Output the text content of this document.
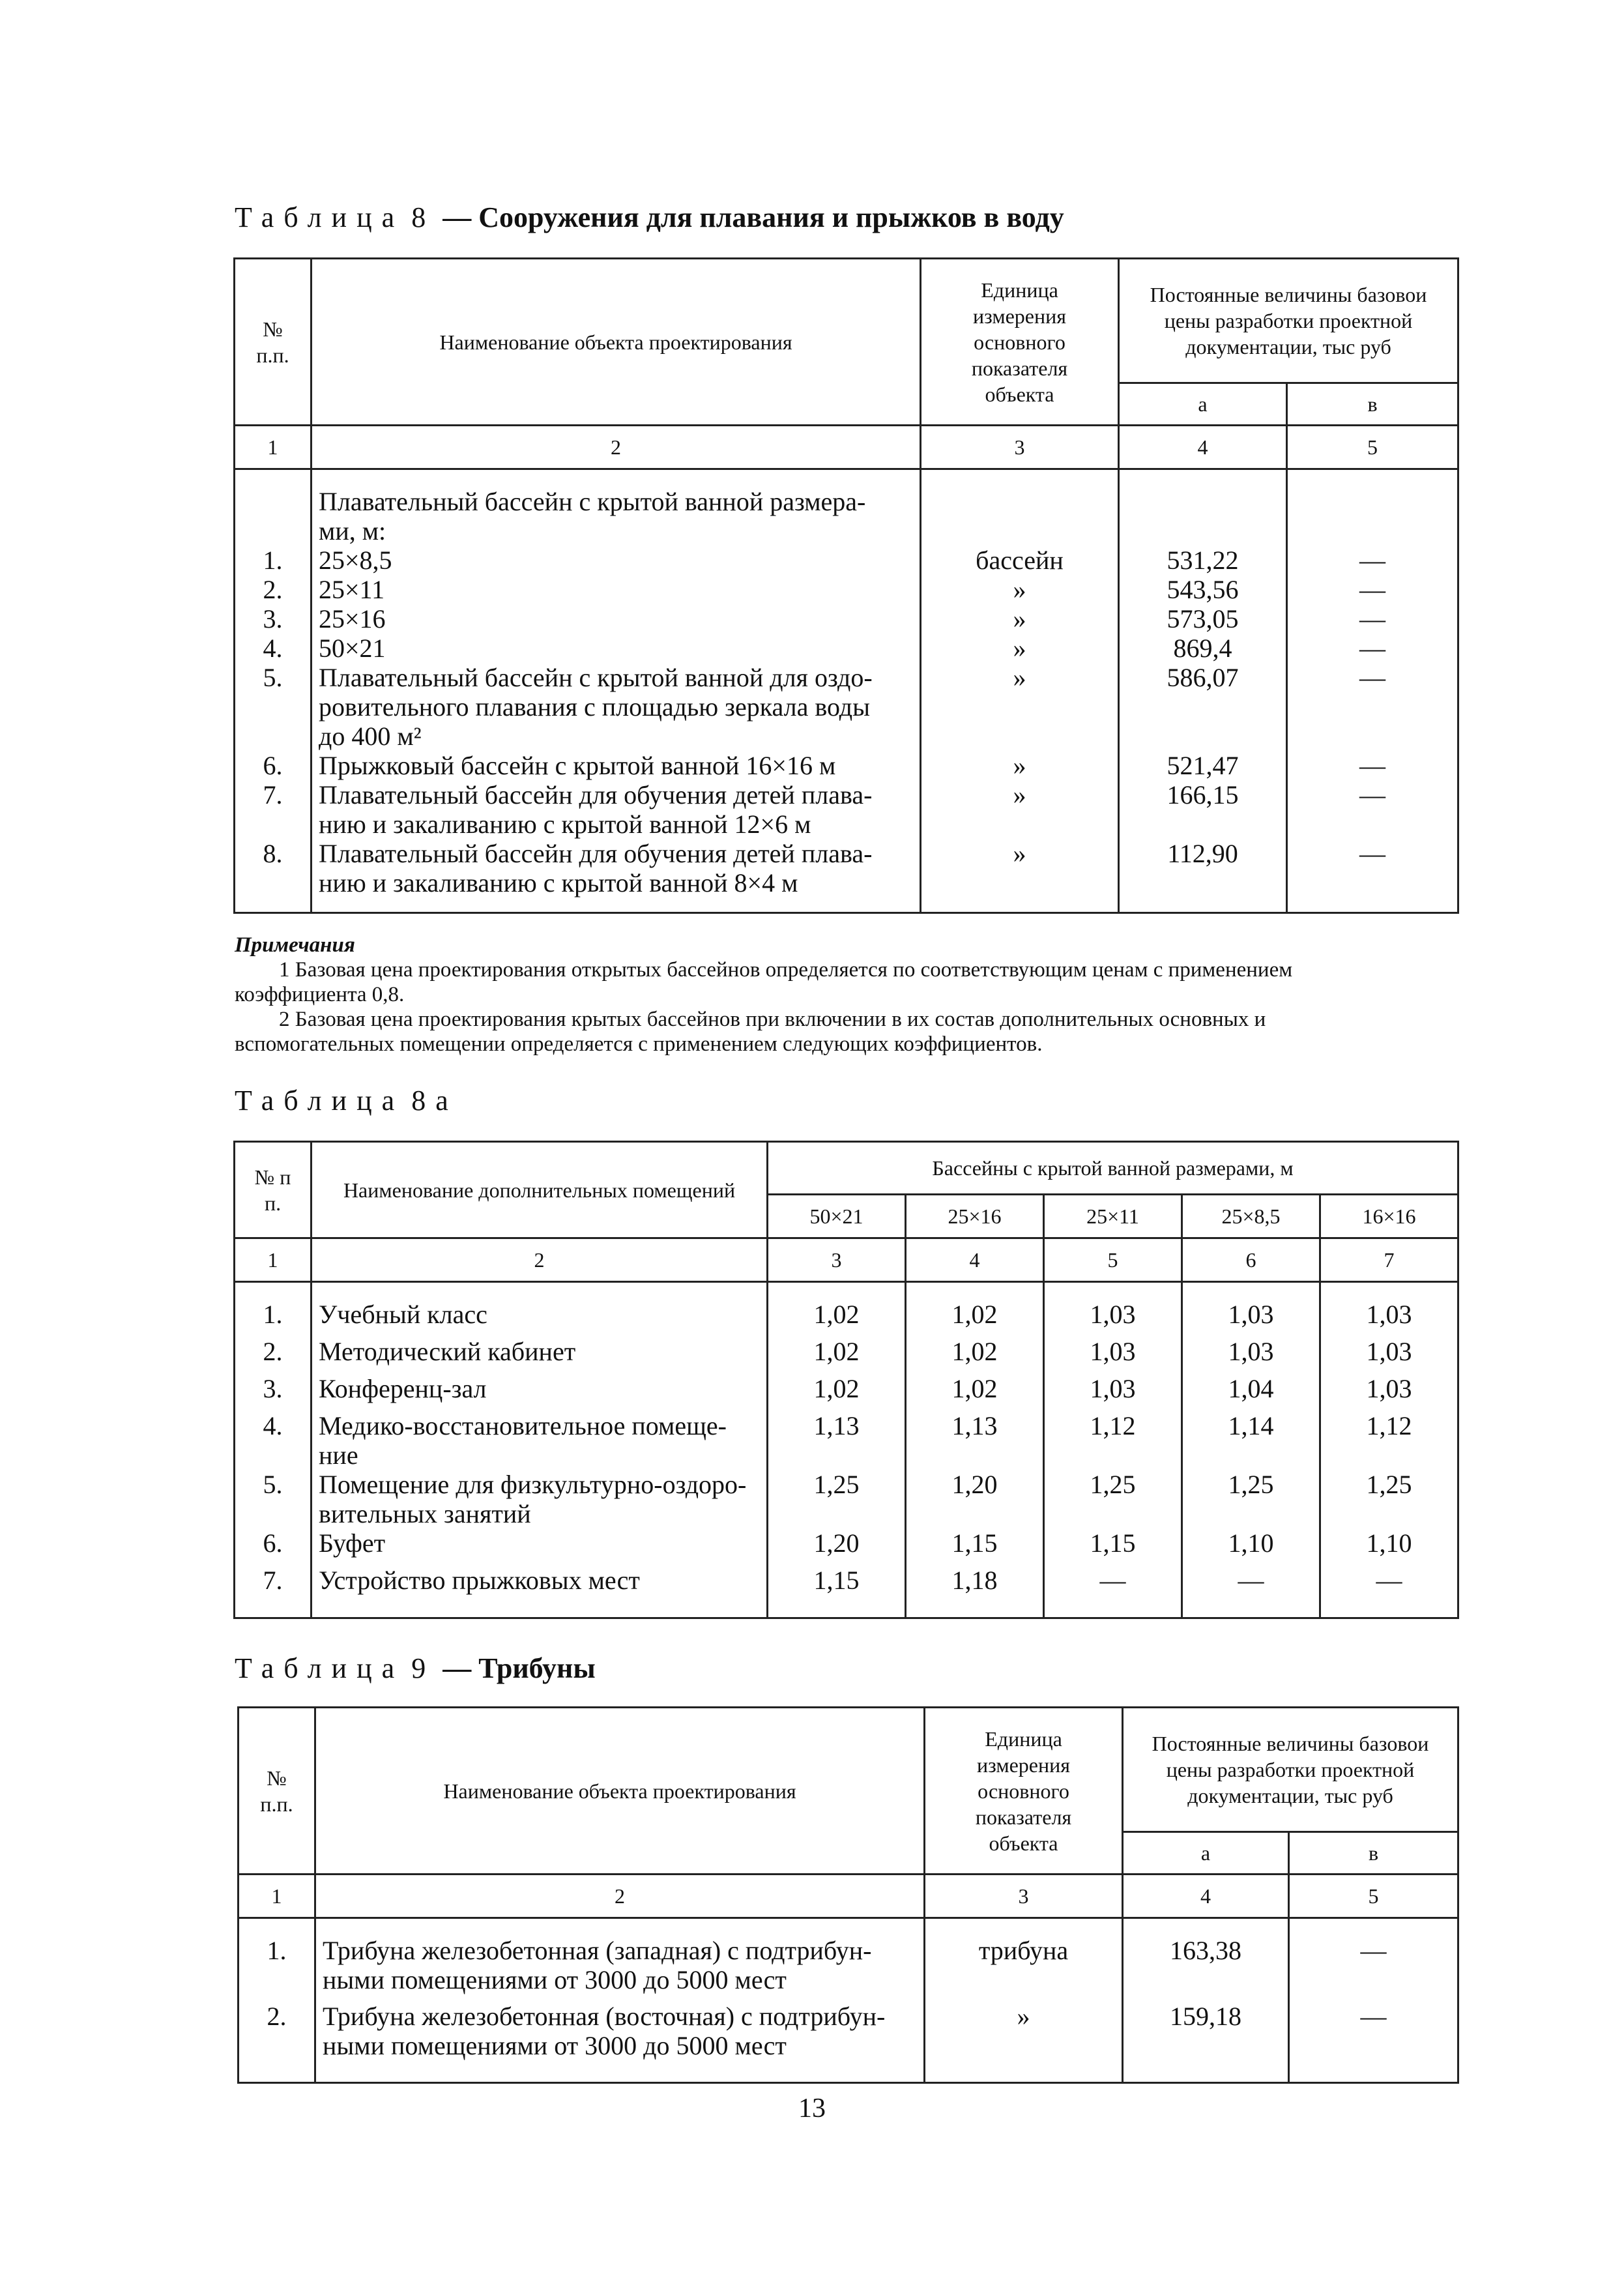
Таблица 8 — Сооружения для плавания и прыжков в воду
№ п.п.	Наименование объекта проектирования	Единица измерения основного показателя объекта	Постоянные величины базовои цены разработки проектной документации, тыс руб	
			а	в
1	2	3	4	5

	Плавательный бассейн с крытой ванной размера-			
	ми, м:			
1.	25×8,5	бассейн	531,22	—
2.	25×11	»	543,56	—
3.	25×16	»	573,05	—
4.	50×21	»	869,4	—
5.	Плавательный бассейн с крытой ванной для оздо-	»	586,07	—
	ровительного плавания с площадью зеркала воды			
	до 400 м²			
6.	Прыжковый бассейн с крытой ванной 16×16 м	»	521,47	—
7.	Плавательный бассейн для обучения детей плава-	»	166,15	—
	нию и закаливанию с крытой ванной 12×6 м			
8.	Плавательный бассейн для обучения детей плава-	»	112,90	—
	нию и закаливанию с крытой ванной 8×4 м			

Примечания
1 Базовая цена проектирования открытых бассейнов определяется по соответствующим ценам с применением
коэффициента 0,8.
2 Базовая цена проектирования крытых бассейнов при включении в их состав дополнительных основных и
вспомогательных помещении определяется с применением следующих коэффициентов.
Таблица 8а
№ п п.	Наименование дополнительных помещений	Бассейны с крытой ванной размерами, м				
		50×21	25×16	25×11	25×8,5	16×16
1	2	3	4	5	6	7

1.	Учебный класс	1,02	1,02	1,03	1,03	1,03
2.	Методический кабинет	1,02	1,02	1,03	1,03	1,03
3.	Конференц-зал	1,02	1,02	1,03	1,04	1,03
4.	Медико-восстановительное помеще-
ние	1,13	1,13	1,12	1,14	1,12
5.	Помещение для физкультурно-оздоро-
вительных занятий	1,25	1,20	1,25	1,25	1,25
6.	Буфет	1,20	1,15	1,15	1,10	1,10
7.	Устройство прыжковых мест	1,15	1,18	—	—	—

Таблица 9 — Трибуны
№ п.п.	Наименование объекта проектирования	Единица измерения основного показателя объекта	Постоянные величины базовои цены разработки проектной документации, тыс руб	
			а	в
1	2	3	4	5

1.	Трибуна железобетонная (западная) с подтрибун-
ными помещениями от 3000 до 5000 мест	трибуна	163,38	—
2.	Трибуна железобетонная (восточная) с подтрибун-
ными помещениями от 3000 до 5000 мест	»	159,18	—

13
